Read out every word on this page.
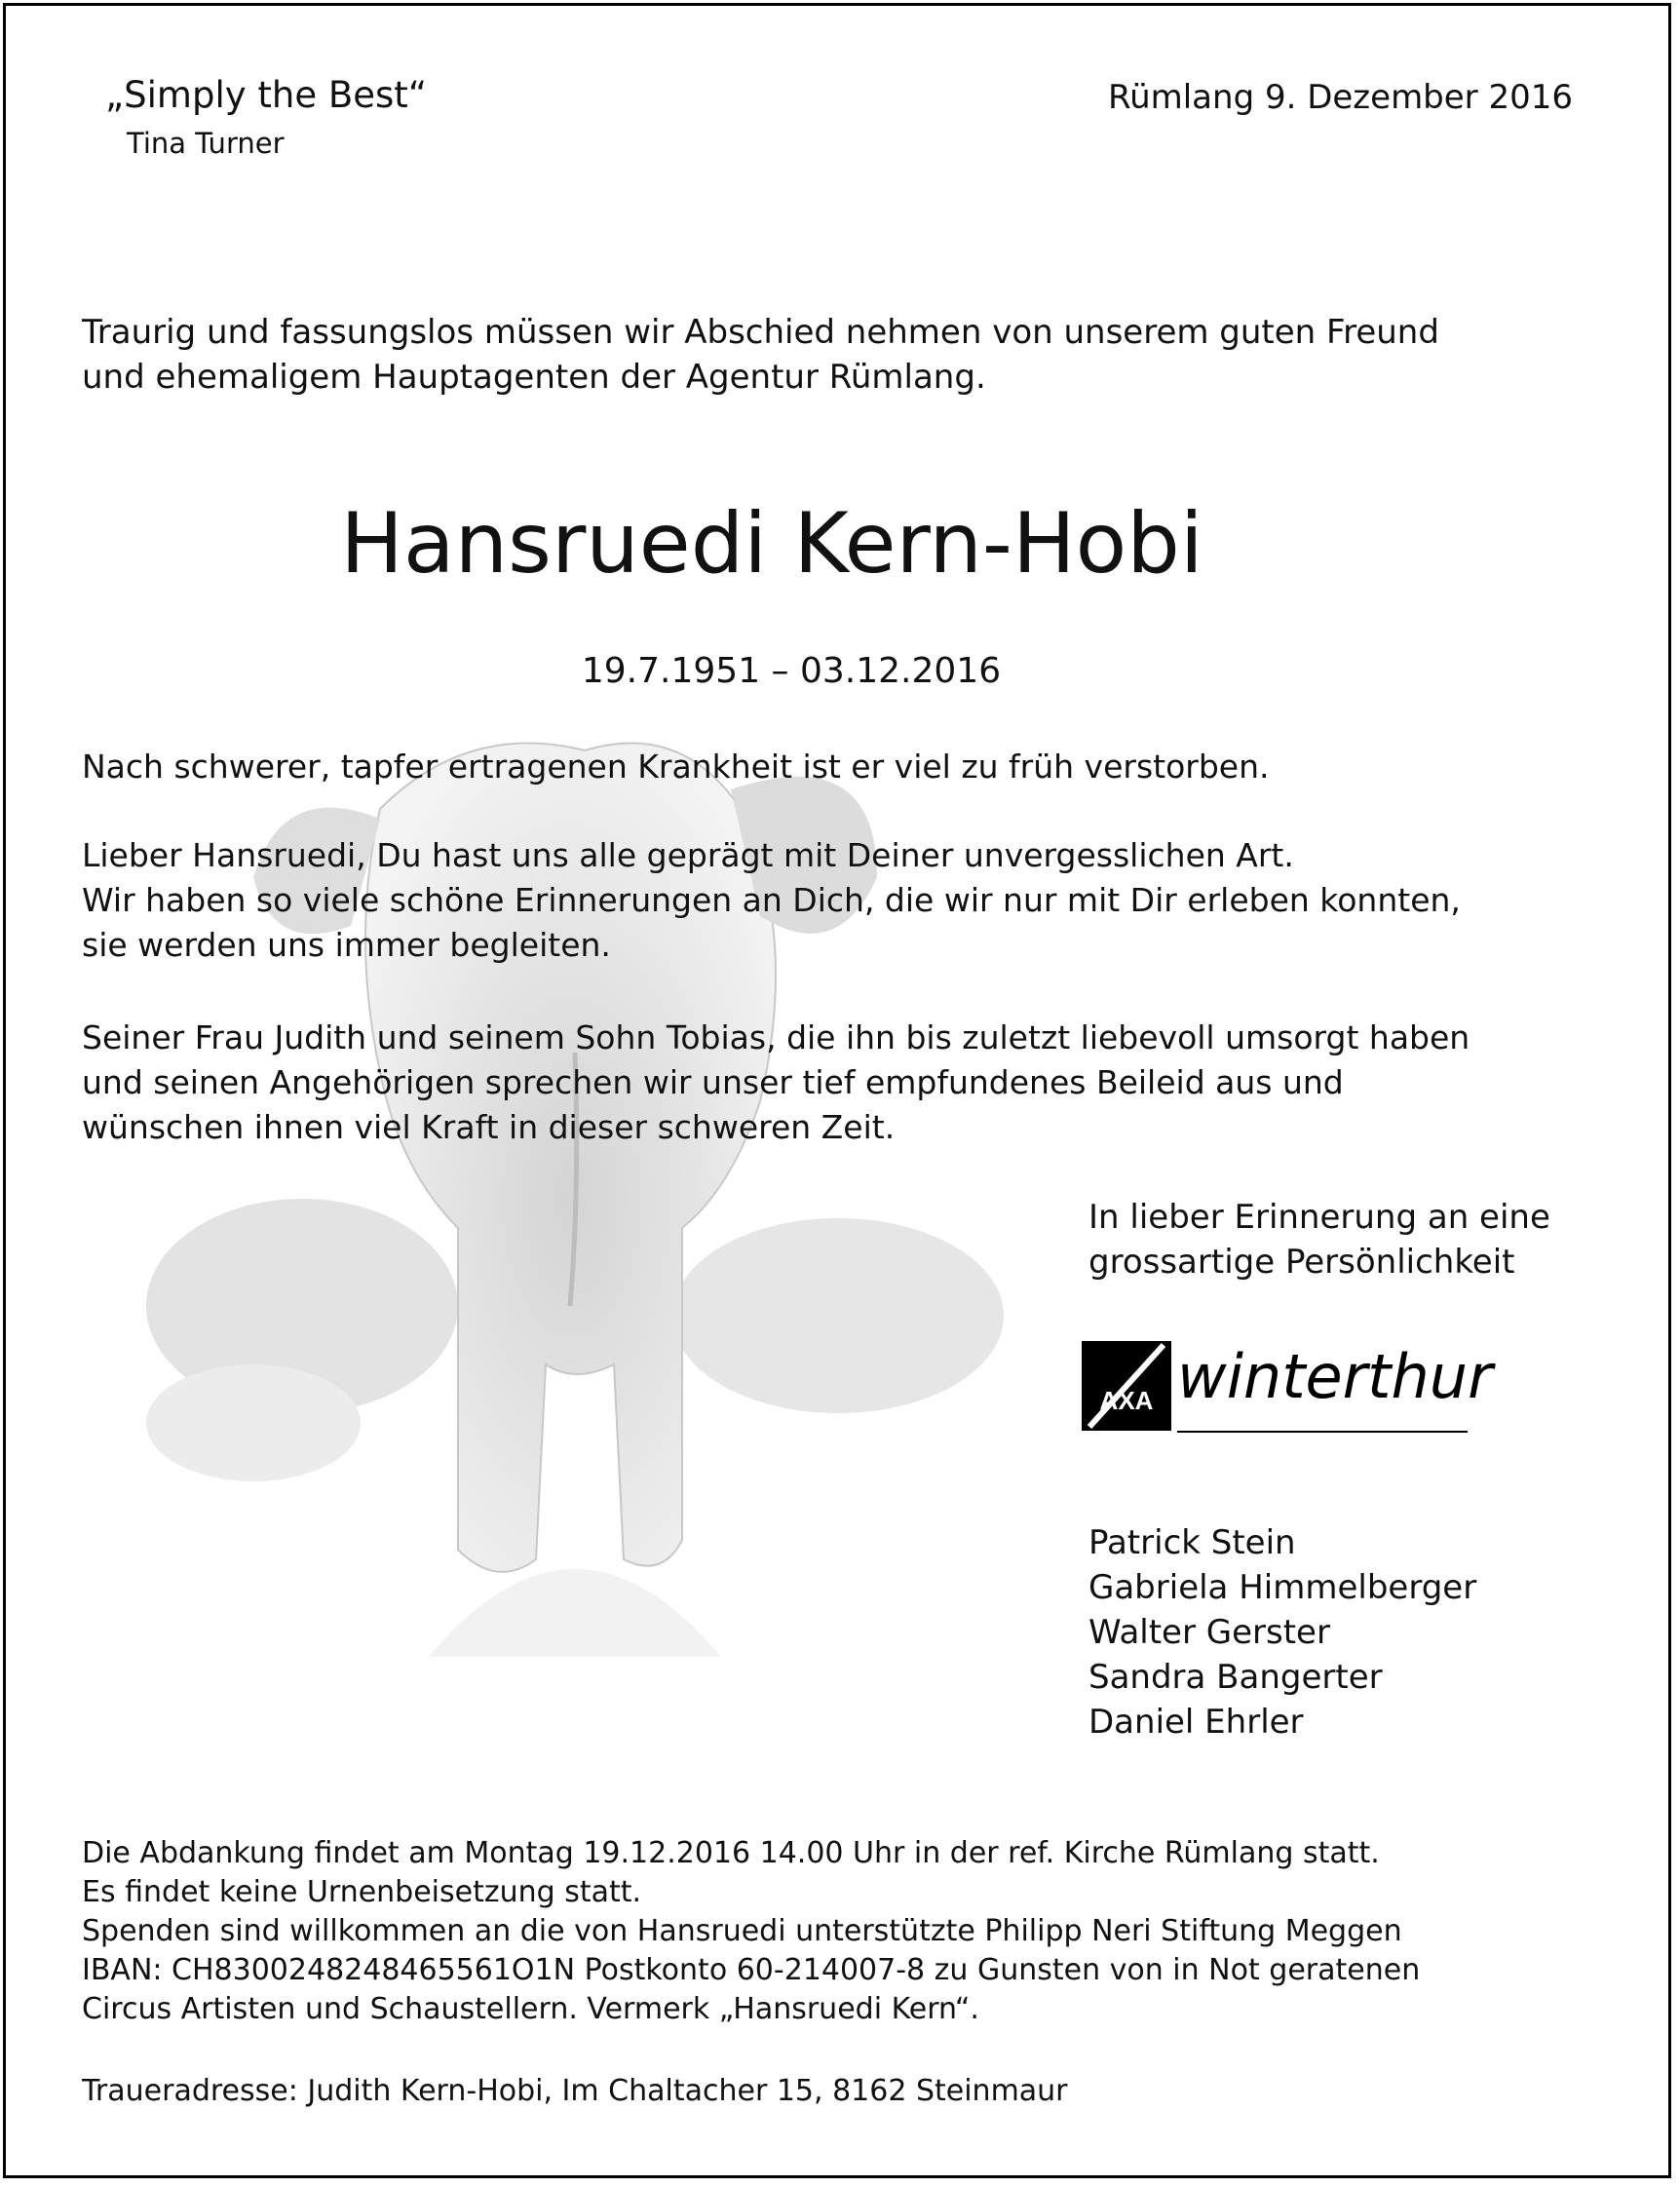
„Simply the Best“
Tina Turner
Rümlang 9. Dezember 2016
Traurig und fassungslos müssen wir Abschied nehmen von unserem guten Freund
und ehemaligem Hauptagenten der Agentur Rümlang.
Hansruedi Kern-Hobi
19.7.1951 – 03.12.2016
Nach schwerer, tapfer ertragenen Krankheit ist er viel zu früh verstorben.
Lieber Hansruedi, Du hast uns alle geprägt mit Deiner unvergesslichen Art.
Wir haben so viele schöne Erinnerungen an Dich, die wir nur mit Dir erleben konnten,
sie werden uns immer begleiten.
Seiner Frau Judith und seinem Sohn Tobias, die ihn bis zuletzt liebevoll umsorgt haben
und seinen Angehörigen sprechen wir unser tief empfundenes Beileid aus und
wünschen ihnen viel Kraft in dieser schweren Zeit.
In lieber Erinnerung an eine
grossartige Persönlichkeit
AXA winterthur
Patrick Stein
Gabriela Himmelberger
Walter Gerster
Sandra Bangerter
Daniel Ehrler
Die Abdankung findet am Montag 19.12.2016 14.00 Uhr in der ref. Kirche Rümlang statt.
Es findet keine Urnenbeisetzung statt.
Spenden sind willkommen an die von Hansruedi unterstützte Philipp Neri Stiftung Meggen
IBAN: CH8300248248465561O1N Postkonto 60-214007-8 zu Gunsten von in Not geratenen
Circus Artisten und Schaustellern. Vermerk „Hansruedi Kern“.
Traueradresse: Judith Kern-Hobi, Im Chaltacher 15, 8162 Steinmaur
